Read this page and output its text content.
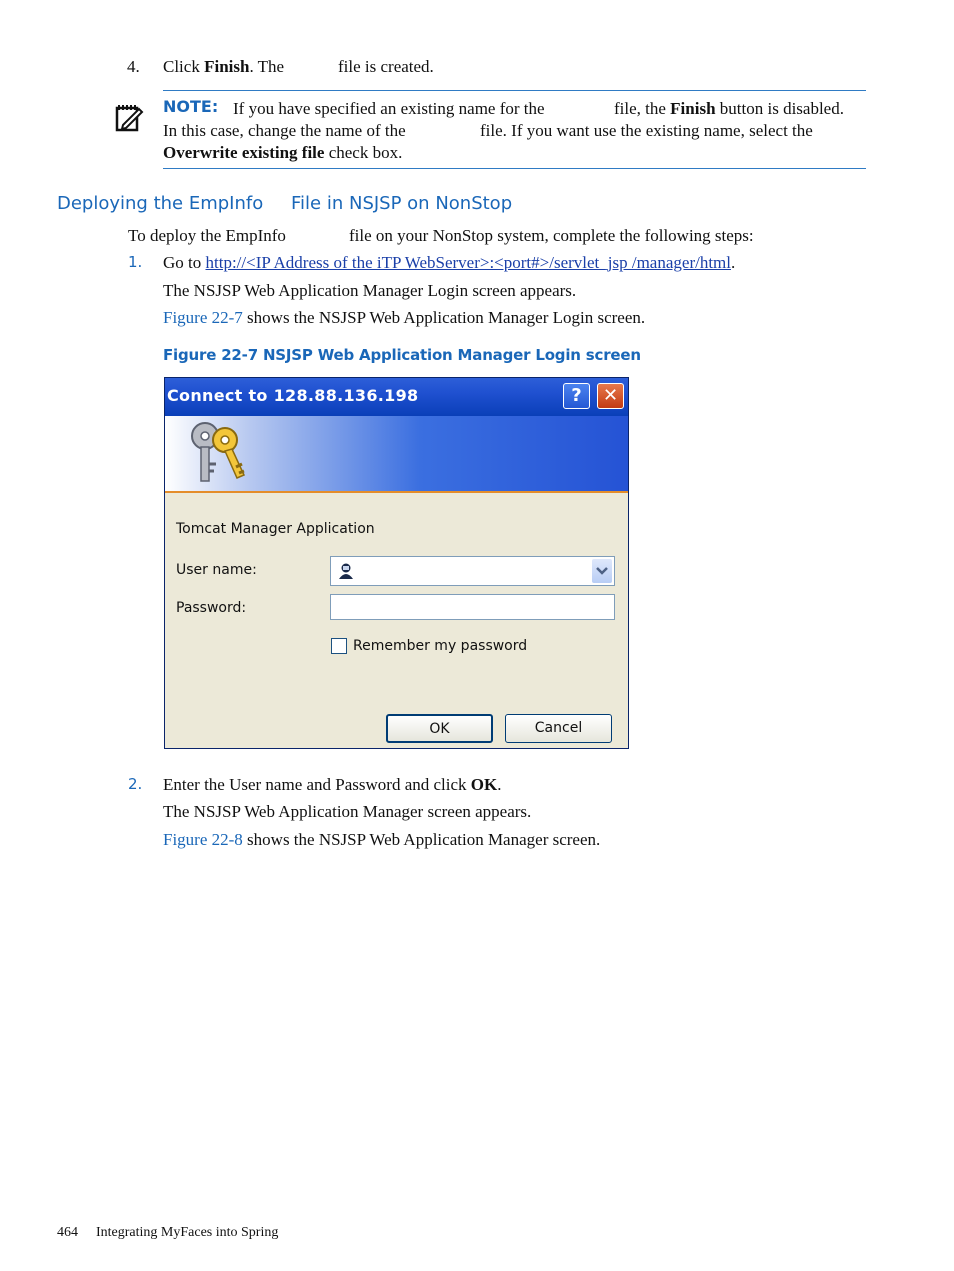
4. Click Finish. The	file is created.
NOTE: If you have specified an existing name for the	file, the Finish button is disabled.
In this case, change the name of the	file. If you want use the existing name, select the
Overwrite existing file check box.
Deploying the EmpInfo File in NSJSP on NonStop
To deploy the EmpInfo	file on your NonStop system, complete the following steps:
1. Go to http://<IP Address of the iTP WebServer>:<port#>/servlet_jsp /manager/html.
The NSJSP Web Application Manager Login screen appears.
Figure 22-7 shows the NSJSP Web Application Manager Login screen.
Figure 22-7 NSJSP Web Application Manager Login screen
Connect to 128.88.136.198	?	✕
Tomcat Manager Application
User name:
Password:
Remember my password
OK	Cancel
2. Enter the User name and Password and click OK.
The NSJSP Web Application Manager screen appears.
Figure 22-8 shows the NSJSP Web Application Manager screen.
464 Integrating MyFaces into Spring
